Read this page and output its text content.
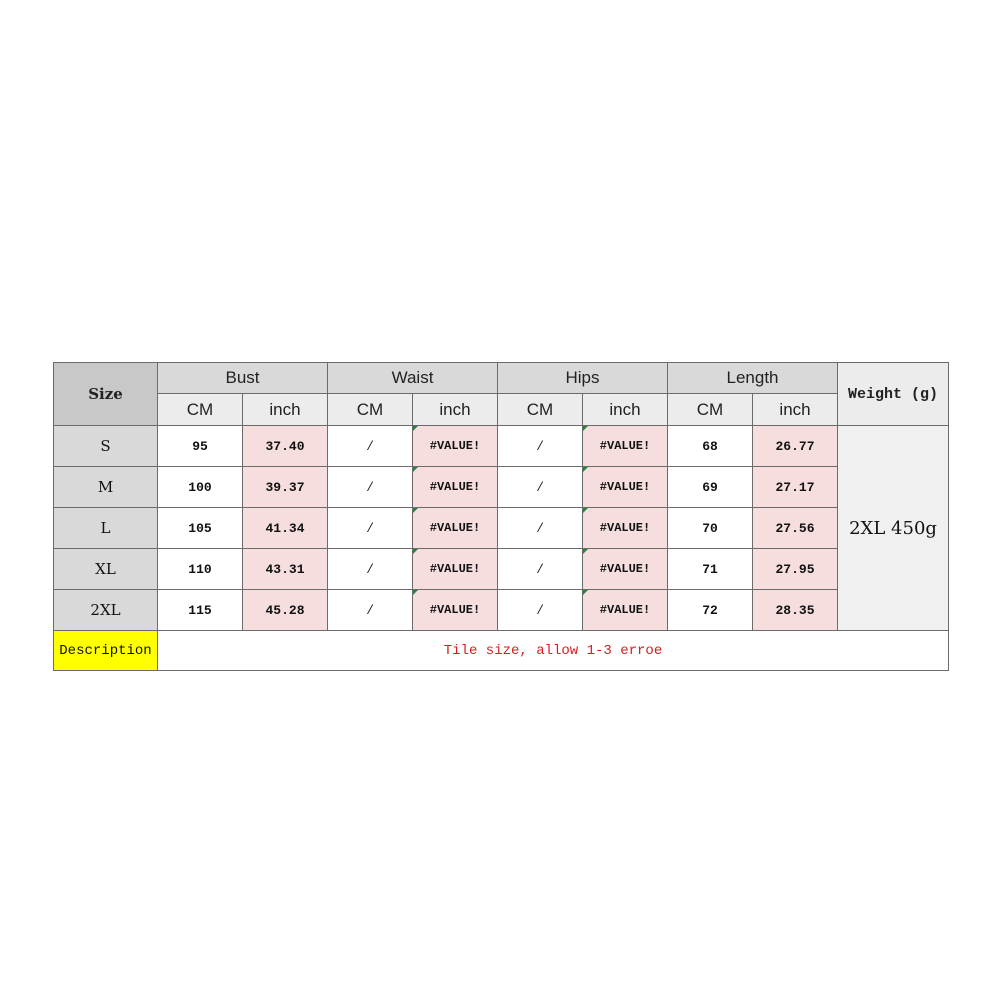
Size	Bust		Waist		Hips		Length		Weight (g)
	CM	inch	CM	inch	CM	inch	CM	inch	
S	95	37.40	/	#VALUE!	/	#VALUE!	68	26.77	2XL 450g
M	100	39.37	/	#VALUE!	/	#VALUE!	69	27.17	
L	105	41.34	/	#VALUE!	/	#VALUE!	70	27.56	
XL	110	43.31	/	#VALUE!	/	#VALUE!	71	27.95	
2XL	115	45.28	/	#VALUE!	/	#VALUE!	72	28.35	
Description	Tile size, allow 1-3 erroe								
